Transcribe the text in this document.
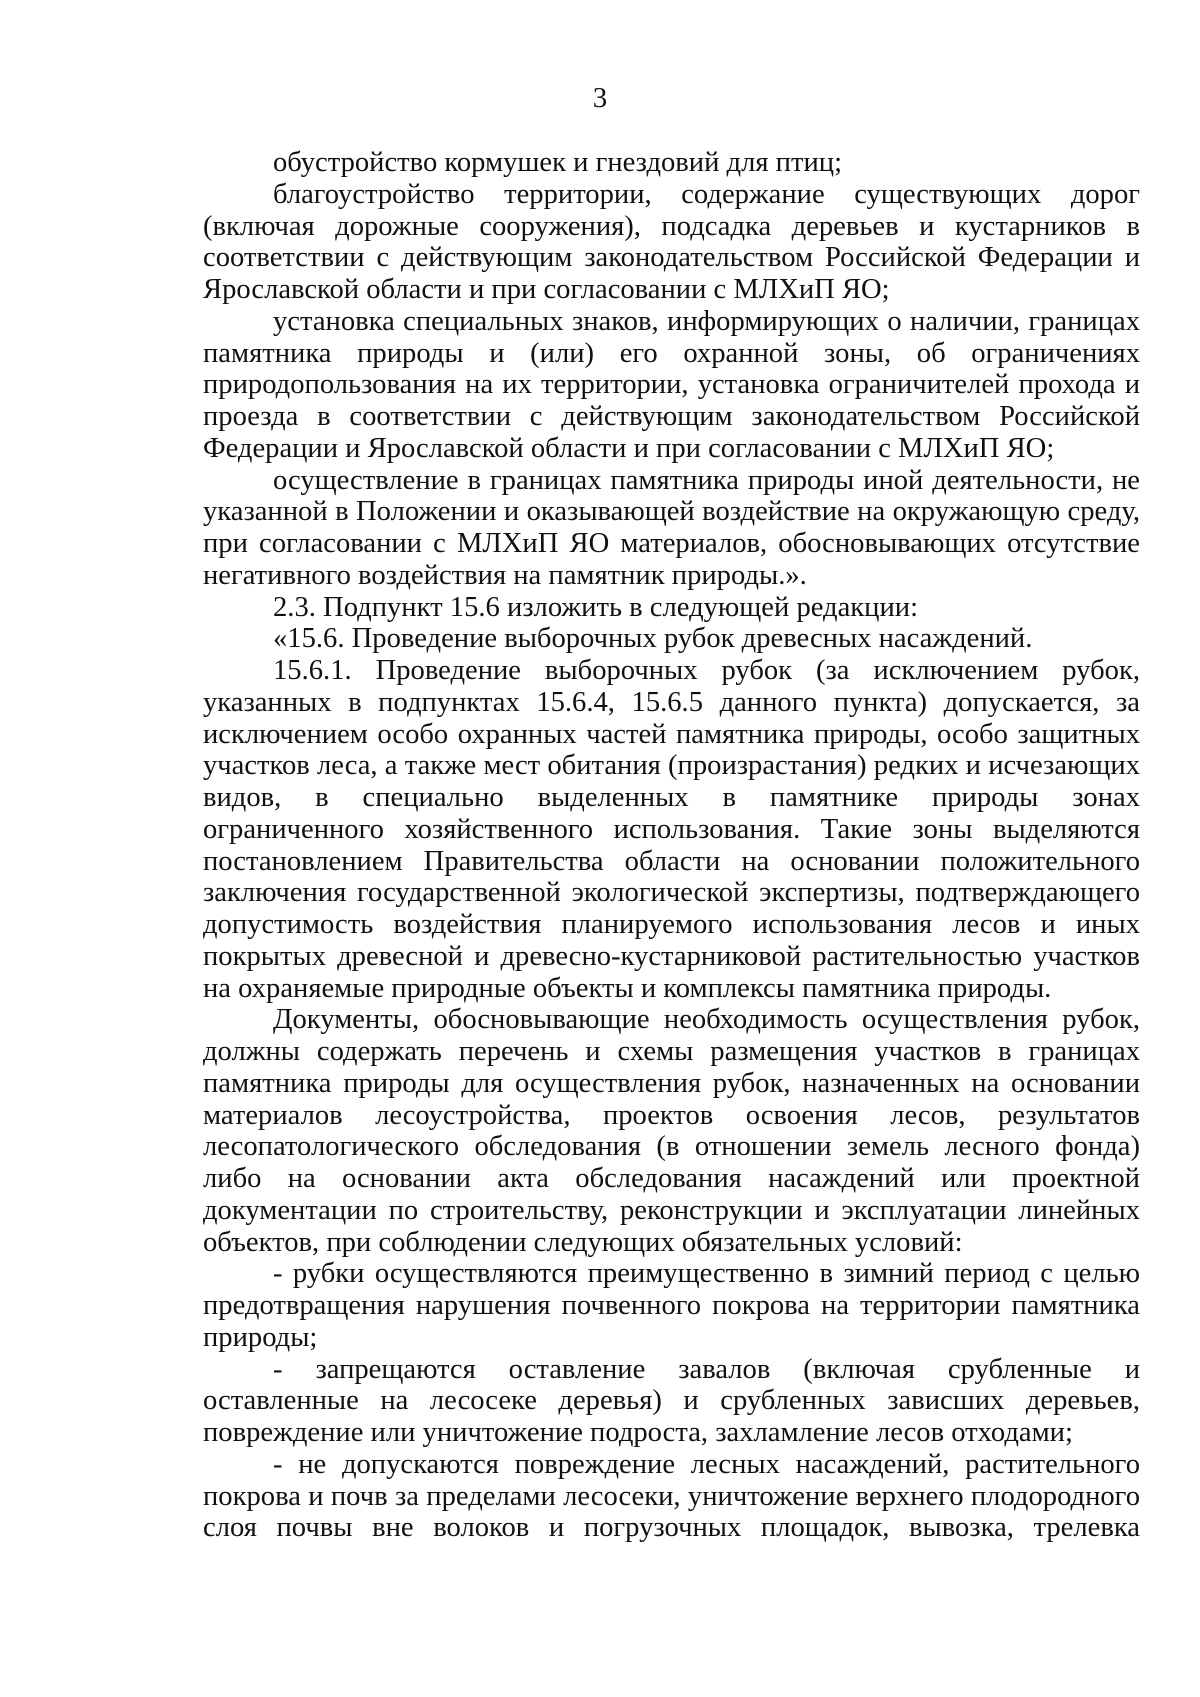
3

обустройство кормушек и гнездовий для птиц;

благоустройство территории, содержание существующих дорог (включая дорожные сооружения), подсадка деревьев и кустарников в соответствии с действующим законодательством Российской Федерации и Ярославской области и при согласовании с МЛХиП ЯО;

установка специальных знаков, информирующих о наличии, границах памятника природы и (или) его охранной зоны, об ограничениях природопользования на их территории, установка ограничителей прохода и проезда в соответствии с действующим законодательством Российской Федерации и Ярославской области и при согласовании с МЛХиП ЯО;

осуществление в границах памятника природы иной деятельности, не указанной в Положении и оказывающей воздействие на окружающую среду, при согласовании с МЛХиП ЯО материалов, обосновывающих отсутствие негативного воздействия на памятник природы.».

2.3. Подпункт 15.6 изложить в следующей редакции:

«15.6. Проведение выборочных рубок древесных насаждений.

15.6.1. Проведение выборочных рубок (за исключением рубок, указанных в подпунктах 15.6.4, 15.6.5 данного пункта) допускается, за исключением особо охранных частей памятника природы, особо защитных участков леса, а также мест обитания (произрастания) редких и исчезающих видов, в специально выделенных в памятнике природы зонах ограниченного хозяйственного использования. Такие зоны выделяются постановлением Правительства области на основании положительного заключения государственной экологической экспертизы, подтверждающего допустимость воздействия планируемого использования лесов и иных покрытых древесной и древесно-кустарниковой растительностью участков на охраняемые природные объекты и комплексы памятника природы.

Документы, обосновывающие необходимость осуществления рубок, должны содержать перечень и схемы размещения участков в границах памятника природы для осуществления рубок, назначенных на основании материалов лесоустройства, проектов освоения лесов, результатов лесопатологического обследования (в отношении земель лесного фонда) либо на основании акта обследования насаждений или проектной документации по строительству, реконструкции и эксплуатации линейных объектов, при соблюдении следующих обязательных условий:

- рубки осуществляются преимущественно в зимний период с целью предотвращения нарушения почвенного покрова на территории памятника природы;

- запрещаются оставление завалов (включая срубленные и оставленные на лесосеке деревья) и срубленных зависших деревьев, повреждение или уничтожение подроста, захламление лесов отходами;

- не допускаются повреждение лесных насаждений, растительного покрова и почв за пределами лесосеки, уничтожение верхнего плодородного слоя почвы вне волоков и погрузочных площадок, вывозка, трелевка
